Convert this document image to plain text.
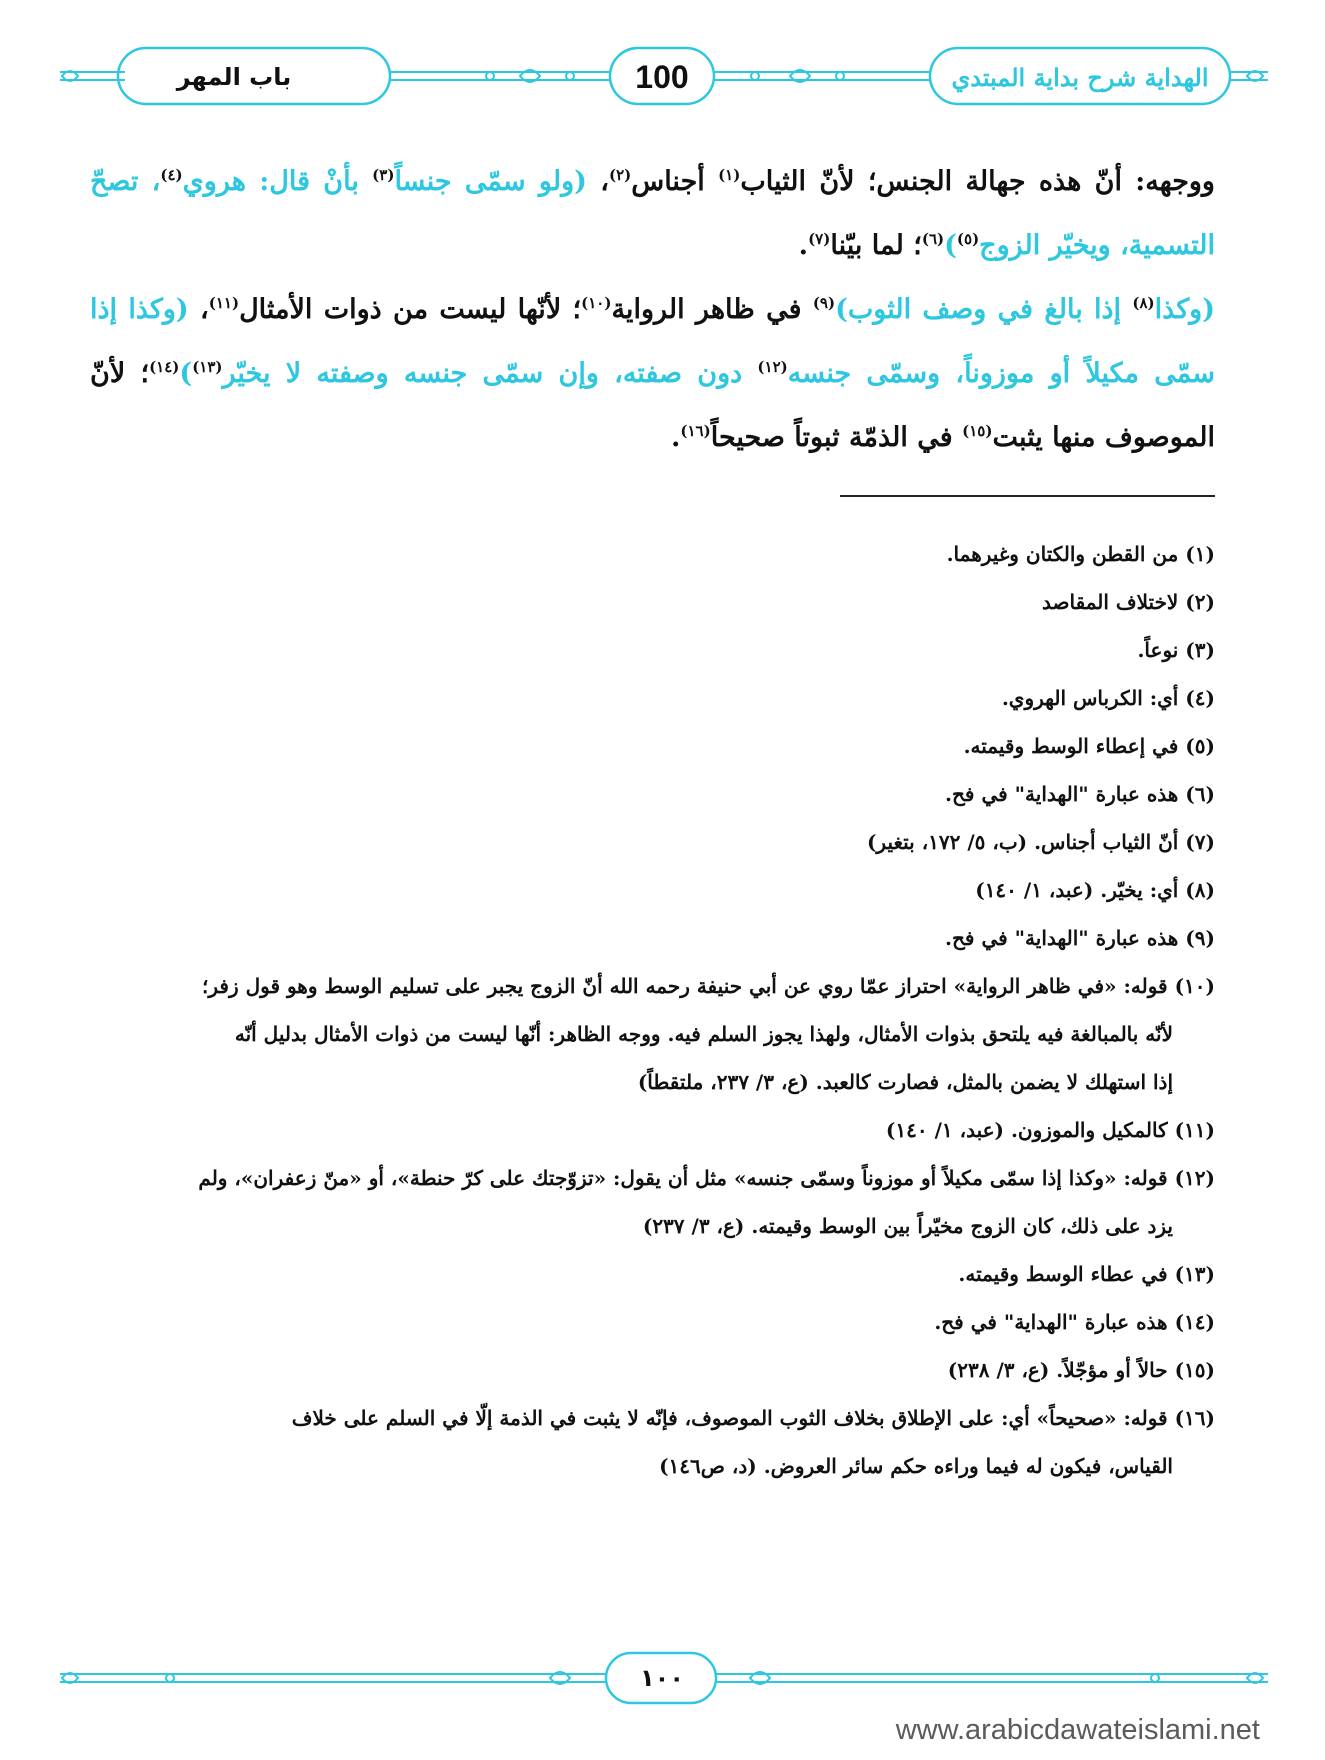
باب المهر	100	الهداية شرح بداية المبتدي

ووجهه: أنّ هذه جهالة الجنس؛ لأنّ الثياب$^{(١)}$ أجناس$^{(٢)}$، (ولو سمّى جنساً$^{(٣)}$ بأنْ قال: هروي$^{(٤)}$، تصحّ التسمية، ويخيّر الزوج$^{(٥)}$)$^{(٦)}$؛ لما بيّنا$^{(٧)}$.

(وكذا$^{(٨)}$ إذا بالغ في وصف الثوب)$^{(٩)}$ في ظاهر الرواية$^{(١٠)}$؛ لأنّها ليست من ذوات الأمثال$^{(١١)}$، (وكذا إذا سمّى مكيلاً أو موزوناً، وسمّى جنسه$^{(١٢)}$ دون صفته، وإن سمّى جنسه وصفته لا يخيّر$^{(١٣)}$)$^{(١٤)}$؛ لأنّ الموصوف منها يثبت$^{(١٥)}$ في الذمّة ثبوتاً صحيحاً$^{(١٦)}$.

(١) من القطن والكتان وغيرهما.
(٢) لاختلاف المقاصد
(٣) نوعاً.
(٤) أي: الكرباس الهروي.
(٥) في إعطاء الوسط وقيمته.
(٦) هذه عبارة "الهداية" في فح.
(٧) أنّ الثياب أجناس. (ب، ٥/ ١٧٢، بتغير)
(٨) أي: يخيّر. (عبد، ١/ ١٤٠)
(٩) هذه عبارة "الهداية" في فح.
(١٠) قوله: «في ظاهر الرواية» احتراز عمّا روي عن أبي حنيفة رحمه الله أنّ الزوج يجبر على تسليم الوسط وهو قول زفر؛
لأنّه بالمبالغة فيه يلتحق بذوات الأمثال، ولهذا يجوز السلم فيه. ووجه الظاهر: أنّها ليست من ذوات الأمثال بدليل أنّه
إذا استهلك لا يضمن بالمثل، فصارت كالعبد. (ع، ٣/ ٢٣٧، ملتقطاً)
(١١) كالمكيل والموزون. (عبد، ١/ ١٤٠)
(١٢) قوله: «وكذا إذا سمّى مكيلاً أو موزوناً وسمّى جنسه» مثل أن يقول: «تزوّجتك على كرّ حنطة»، أو «منّ زعفران»، ولم
يزد على ذلك، كان الزوج مخيّراً بين الوسط وقيمته. (ع، ٣/ ٢٣٧)
(١٣) في عطاء الوسط وقيمته.
(١٤) هذه عبارة "الهداية" في فح.
(١٥) حالاً أو مؤجّلاً. (ع، ٣/ ٢٣٨)
(١٦) قوله: «صحيحاً» أي: على الإطلاق بخلاف الثوب الموصوف، فإنّه لا يثبت في الذمة إلّا في السلم على خلاف
القياس، فيكون له فيما وراءه حكم سائر العروض. (د، ص١٤٦)
١٠٠
www.arabicdawateislami.net
